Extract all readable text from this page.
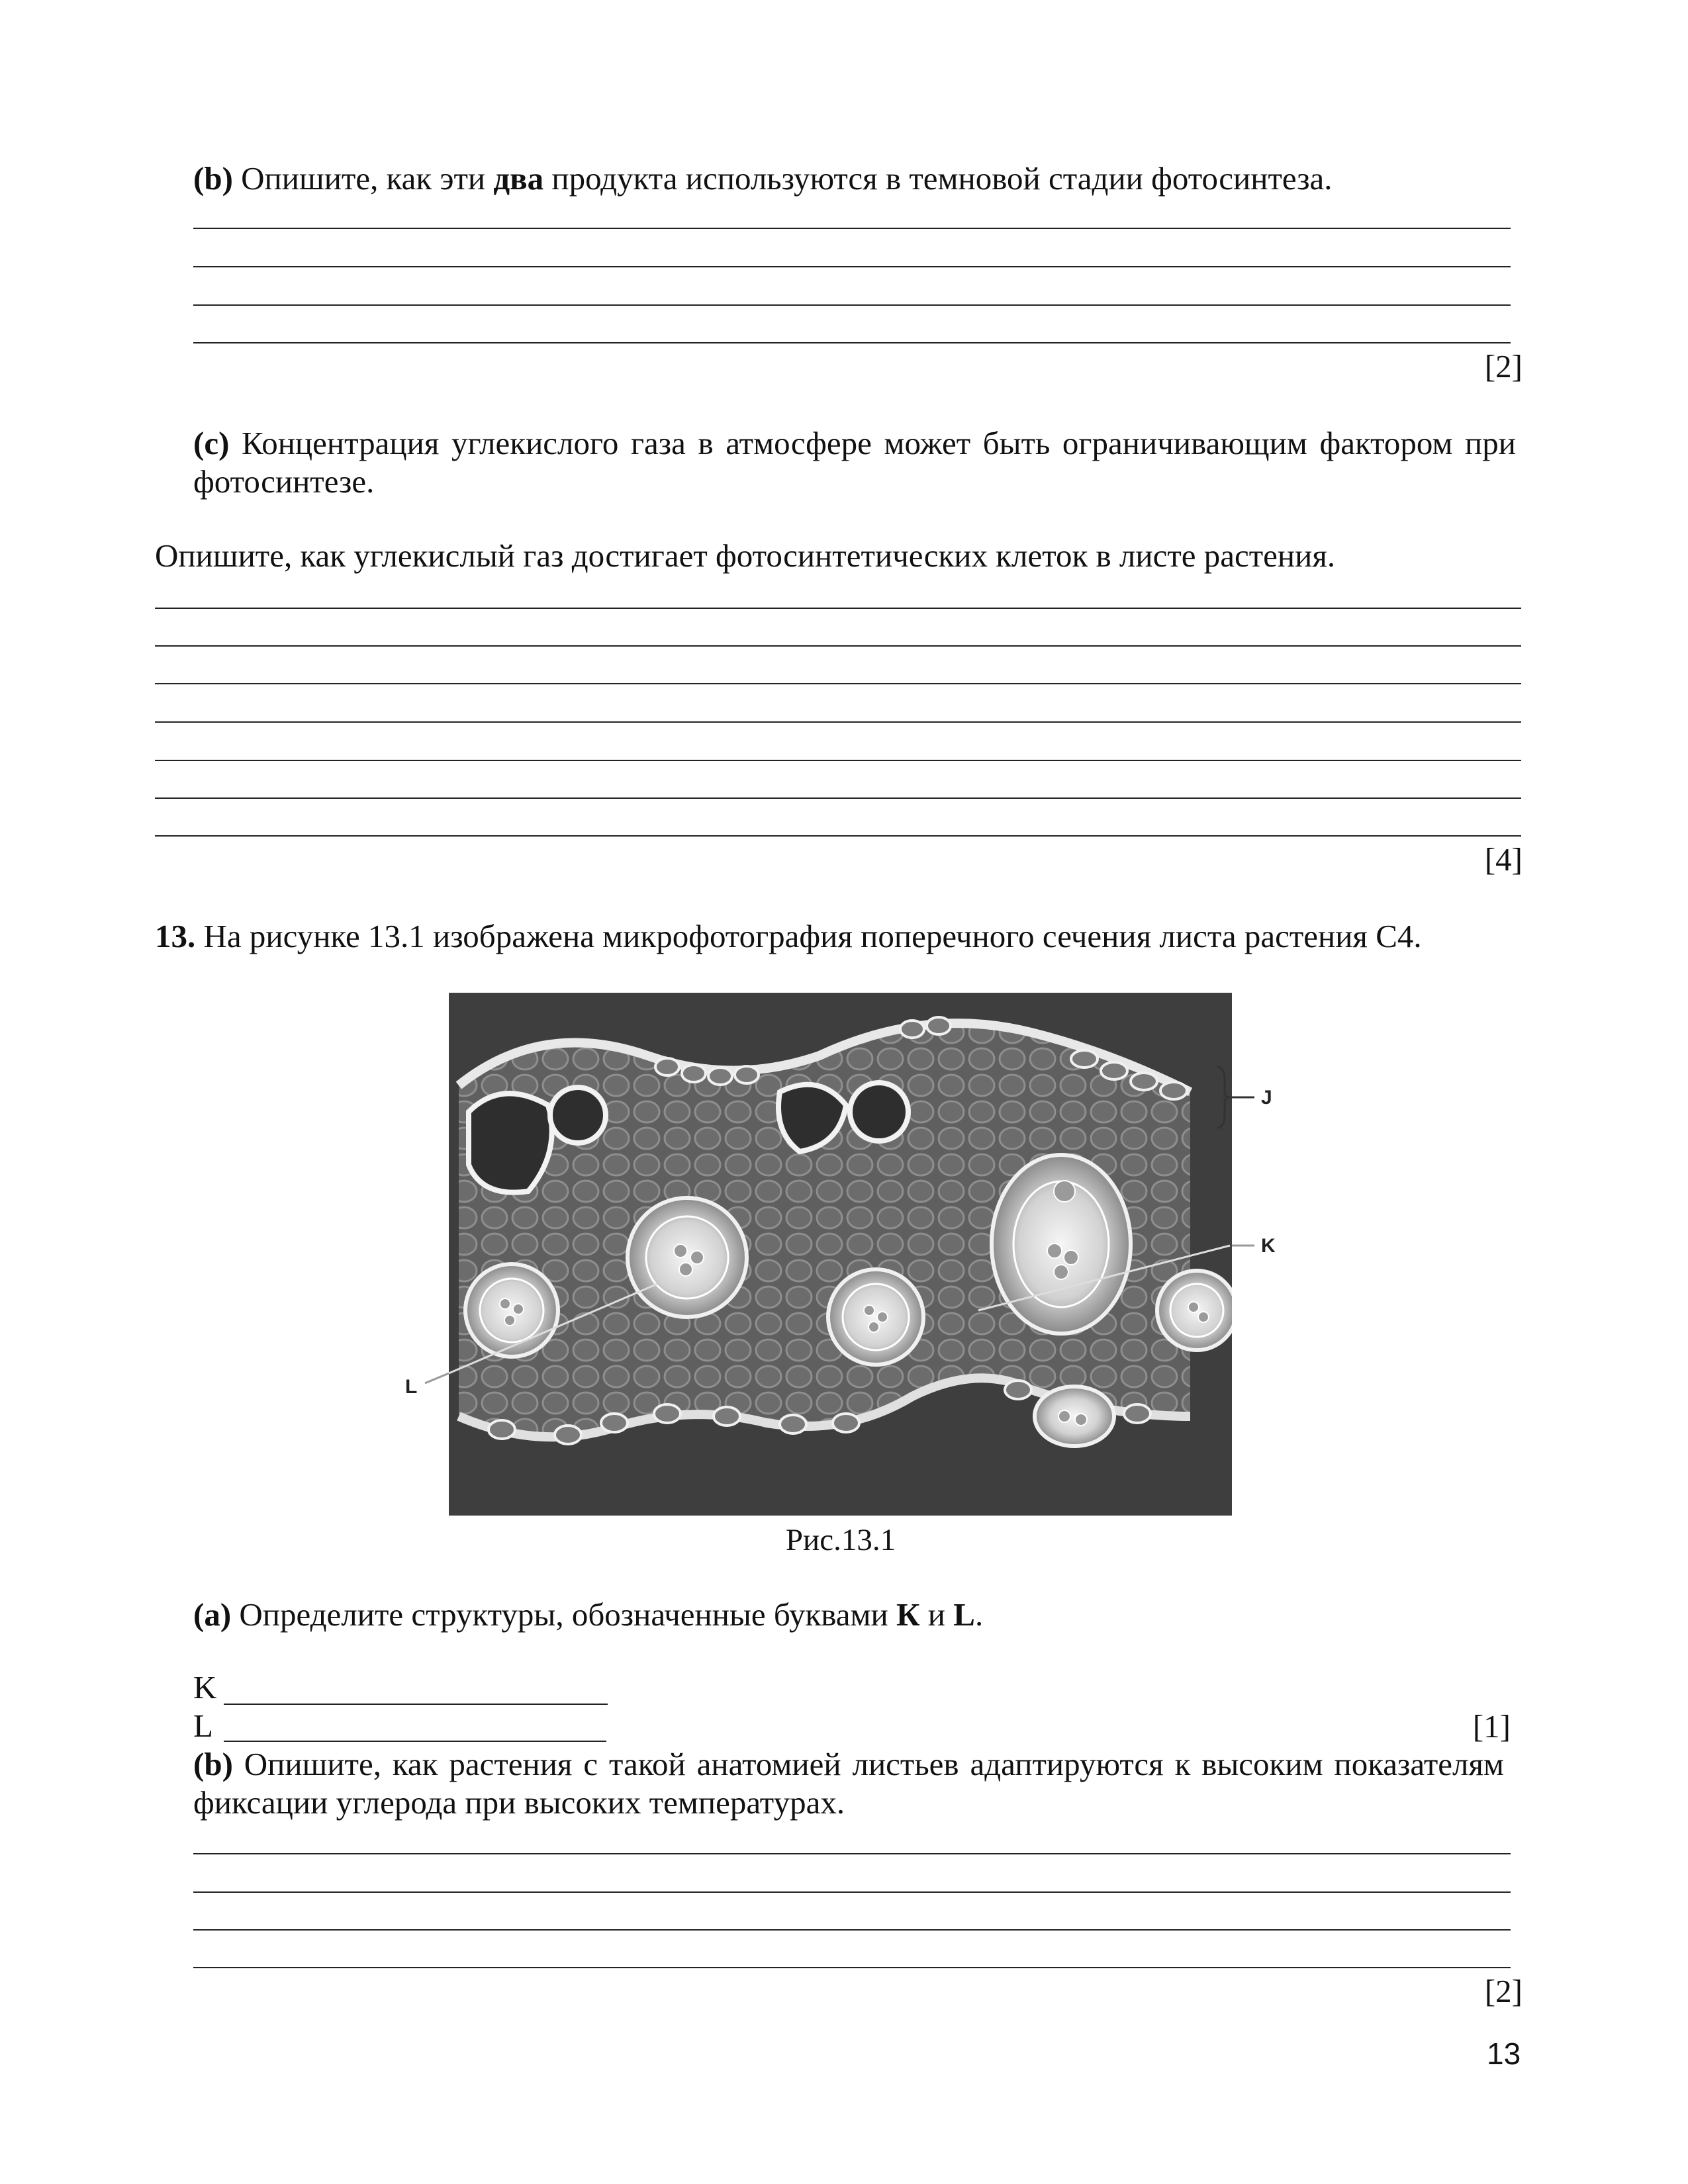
(b) Опишите, как эти два продукта используются в темновой стадии фотосинтеза.
[2]
(c) Концентрация углекислого газа в атмосфере может быть ограничивающим фактором при
фотосинтезе.
Опишите, как углекислый газ достигает фотосинтетических клеток в листе растения.
[4]
13. На рисунке 13.1 изображена микрофотография поперечного сечения листа растения С4.
J
K
L
Рис.13.1
(a) Определите структуры, обозначенные буквами К и L.
K
L	[1]
(b) Опишите, как растения с такой анатомией листьев адаптируются к высоким показателям
фиксации углерода при высоких температурах.
[2]
13
